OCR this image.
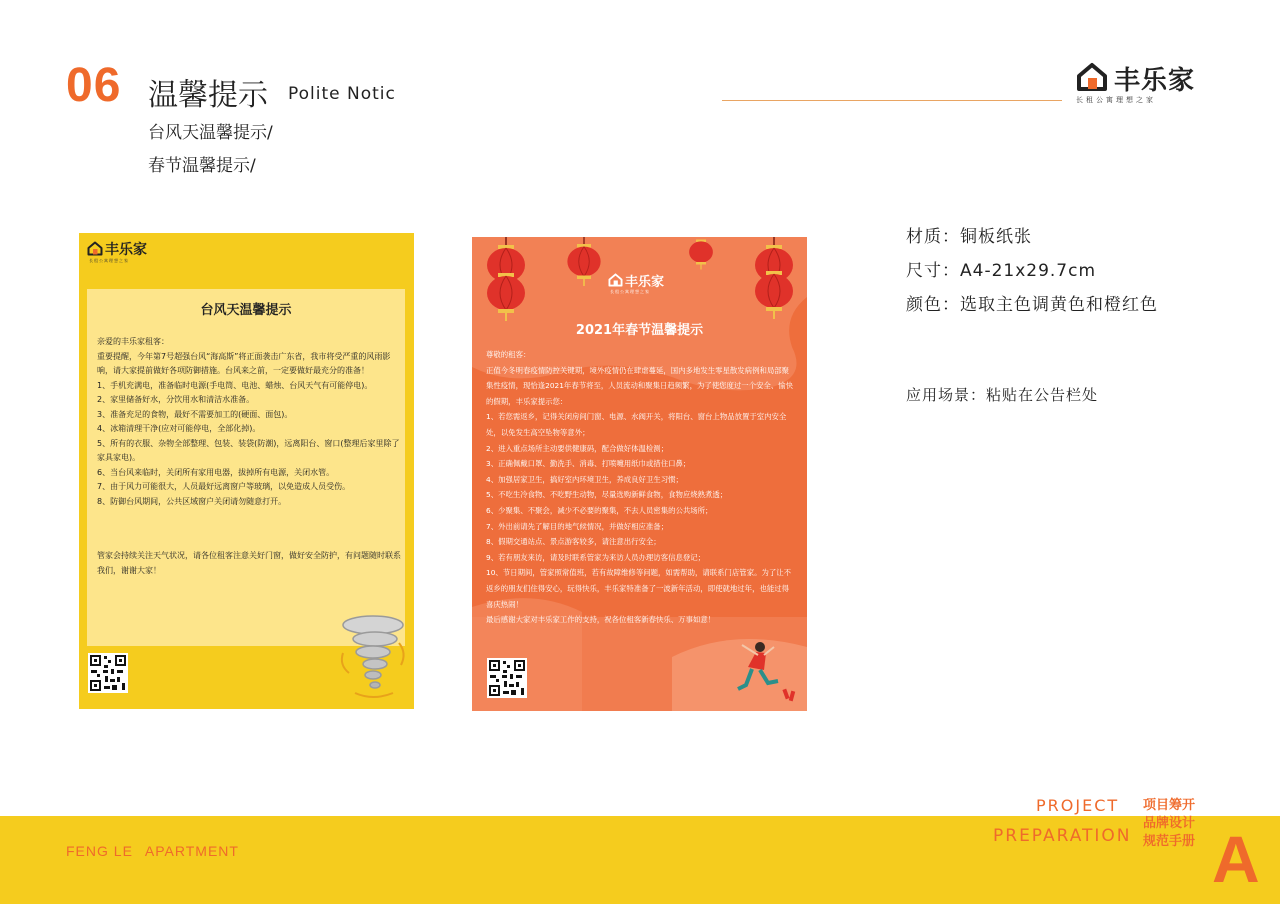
06 温馨提示 Polite Notic
台风天温馨提示/
春节温馨提示/
丰乐家
长租公寓理想之家
丰乐家
长租公寓理想之家
台风天温馨提示

亲爱的丰乐家租客：

重要提醒，今年第7号超强台风“海高斯”将正面袭击广东省，我市将受严重的风雨影响，请大家提前做好各项防御措施。台风来之前，一定要做好最充分的准备！

1、手机充满电，准备临时电源(手电筒、电池、蜡烛、台风天气有可能停电)。

2、家里储备好水，分饮用水和清洁水准备。

3、准备充足的食物，最好不需要加工的(硬面、面包)。

4、冰箱清理干净(应对可能停电，全部化掉)。

5、所有的衣服、杂物全部整理、包装、装袋(防潮)，远离阳台、窗口(整理后家里除了家具家电)。

6、当台风来临时，关闭所有家用电器，拔掉所有电源，关闭水管。

7、由于风力可能很大，人员最好远离窗户等玻璃，以免造成人员受伤。

8、防御台风期间，公共区域窗户关闭请勿随意打开。

管家会持续关注天气状况，请各位租客注意关好门窗，做好安全防护，有问题随时联系我们，谢谢大家！

丰乐家
长租公寓理想之家
2021年春节温馨提示

尊敬的租客：

正值今冬明春疫情防控关键期，境外疫情仍在肆虐蔓延，国内多地发生零星散发病例和局部聚集性疫情，现恰逢2021年春节将至，人员流动和聚集日趋频繁，为了使您度过一个安全、愉快的假期，丰乐家提示您：

1、若您需返乡，记得关闭房间门窗、电源、水阀开关，将阳台、窗台上物品放置于室内安全处，以免发生高空坠物等意外；

2、进入重点场所主动要供健康码，配合做好体温检测；

3、正确佩戴口罩、勤洗手、消毒、打喷嚏用纸巾或措住口鼻；

4、加强居家卫生，搞好室内环境卫生，养成良好卫生习惯；

5、不吃生冷食物、不吃野生动物，尽量选购新鲜食物，食物应烧熟煮透；

6、少聚集、不聚会，减少不必要的聚集，不去人员密集的公共场所；

7、外出前请先了解目的地气候情况，并做好相应准备；

8、假期交通站点、景点游客较多，请注意出行安全；

9、若有朋友来访，请及时联系管家为来访人员办理访客信息登记；

10、节日期间，管家照常值班，若有故障维修等问题，如需帮助，请联系门店管家。为了让不返乡的朋友们住得安心，玩得快乐，丰乐家特准备了一波新年活动，即使就地过年，也能过得喜庆热闹！

最后感谢大家对丰乐家工作的支持，祝各位租客新春快乐、万事如意！

材质：铜板纸张
尺寸：A4-21x29.7cm
颜色：选取主色调黄色和橙红色
应用场景：粘贴在公告栏处
FENG LE APARTMENT
PROJECT
PREPARATION
项目筹开
品牌设计
规范手册 A
